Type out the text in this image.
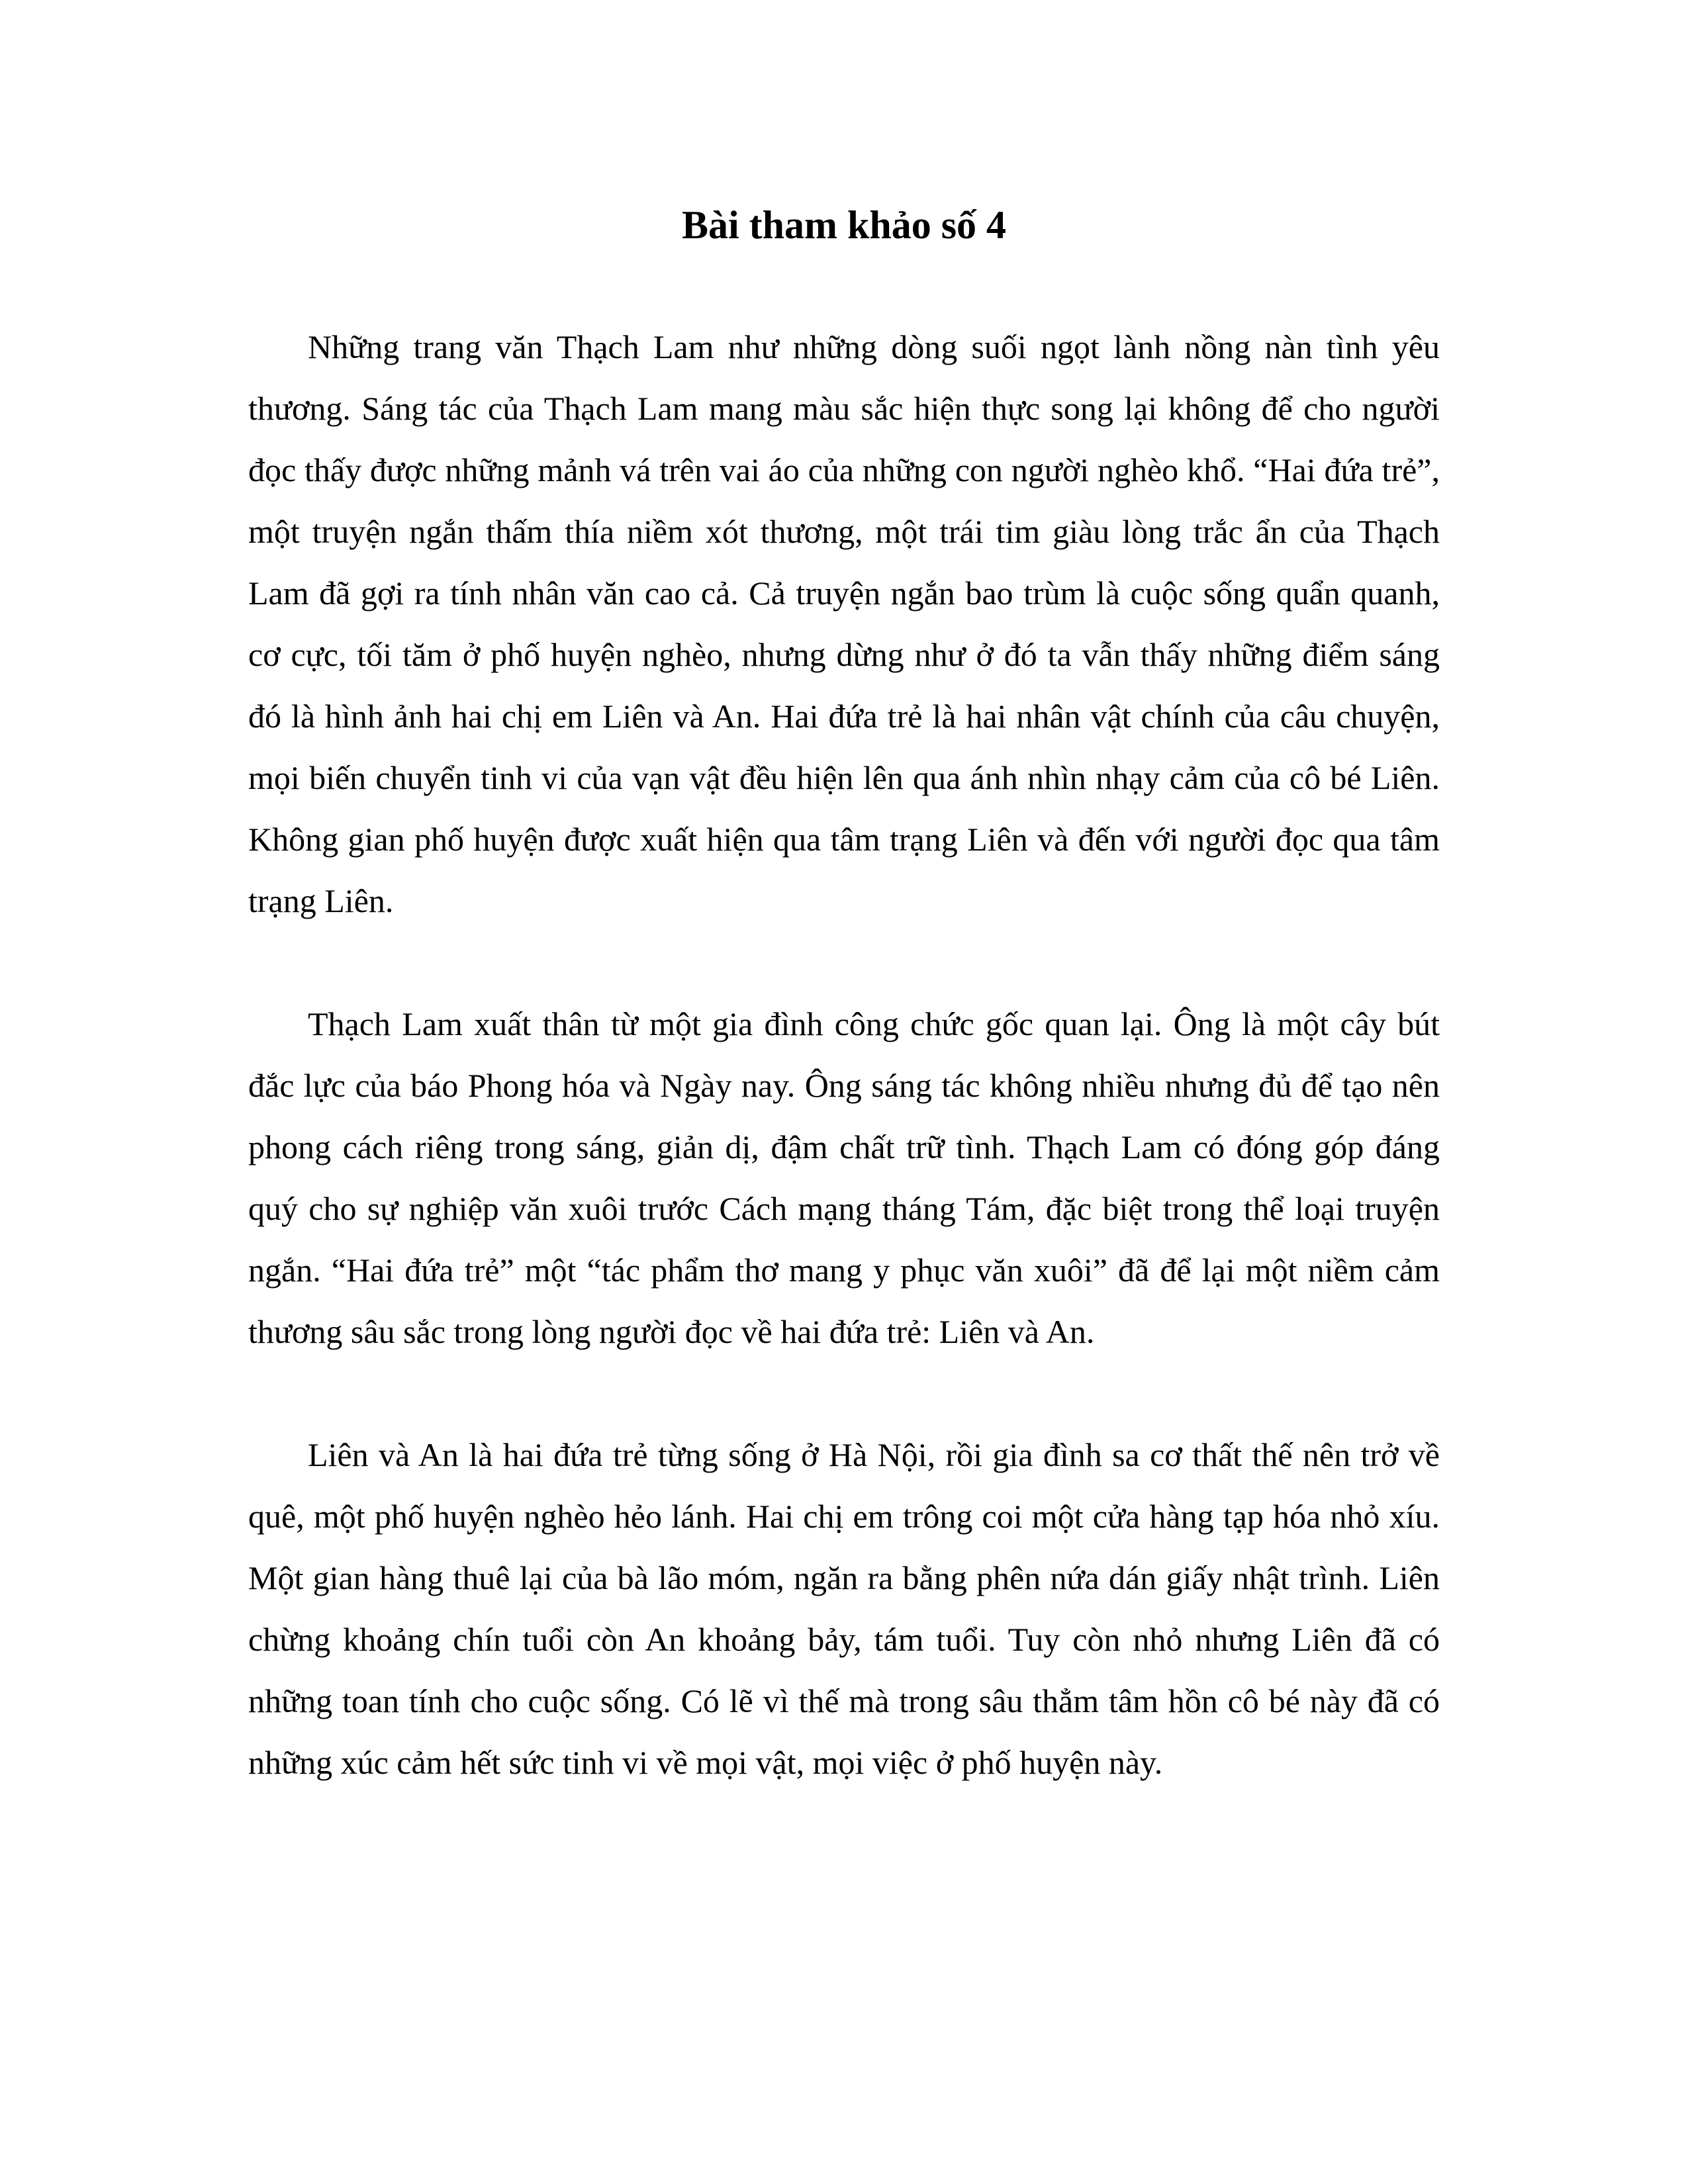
Bài tham khảo số 4

Những trang văn Thạch Lam như những dòng suối ngọt lành nồng nàn tình yêu thương. Sáng tác của Thạch Lam mang màu sắc hiện thực song lại không để cho người đọc thấy được những mảnh vá trên vai áo của những con người nghèo khổ. “Hai đứa trẻ”, một truyện ngắn thấm thía niềm xót thương, một trái tim giàu lòng trắc ẩn của Thạch Lam đã gợi ra tính nhân văn cao cả. Cả truyện ngắn bao trùm là cuộc sống quẩn quanh, cơ cực, tối tăm ở phố huyện nghèo, nhưng dừng như ở đó ta vẫn thấy những điểm sáng đó là hình ảnh hai chị em Liên và An. Hai đứa trẻ là hai nhân vật chính của câu chuyện, mọi biến chuyển tinh vi của vạn vật đều hiện lên qua ánh nhìn nhạy cảm của cô bé Liên. Không gian phố huyện được xuất hiện qua tâm trạng Liên và đến với người đọc qua tâm trạng Liên.

Thạch Lam xuất thân từ một gia đình công chức gốc quan lại. Ông là một cây bút đắc lực của báo Phong hóa và Ngày nay. Ông sáng tác không nhiều nhưng đủ để tạo nên phong cách riêng trong sáng, giản dị, đậm chất trữ tình. Thạch Lam có đóng góp đáng quý cho sự nghiệp văn xuôi trước Cách mạng tháng Tám, đặc biệt trong thể loại truyện ngắn. “Hai đứa trẻ” một “tác phẩm thơ mang y phục văn xuôi” đã để lại một niềm cảm thương sâu sắc trong lòng người đọc về hai đứa trẻ: Liên và An.

Liên và An là hai đứa trẻ từng sống ở Hà Nội, rồi gia đình sa cơ thất thế nên trở về quê, một phố huyện nghèo hẻo lánh. Hai chị em trông coi một cửa hàng tạp hóa nhỏ xíu. Một gian hàng thuê lại của bà lão móm, ngăn ra bằng phên nứa dán giấy nhật trình. Liên chừng khoảng chín tuổi còn An khoảng bảy, tám tuổi. Tuy còn nhỏ nhưng Liên đã có những toan tính cho cuộc sống. Có lẽ vì thế mà trong sâu thẳm tâm hồn cô bé này đã có những xúc cảm hết sức tinh vi về mọi vật, mọi việc ở phố huyện này.
